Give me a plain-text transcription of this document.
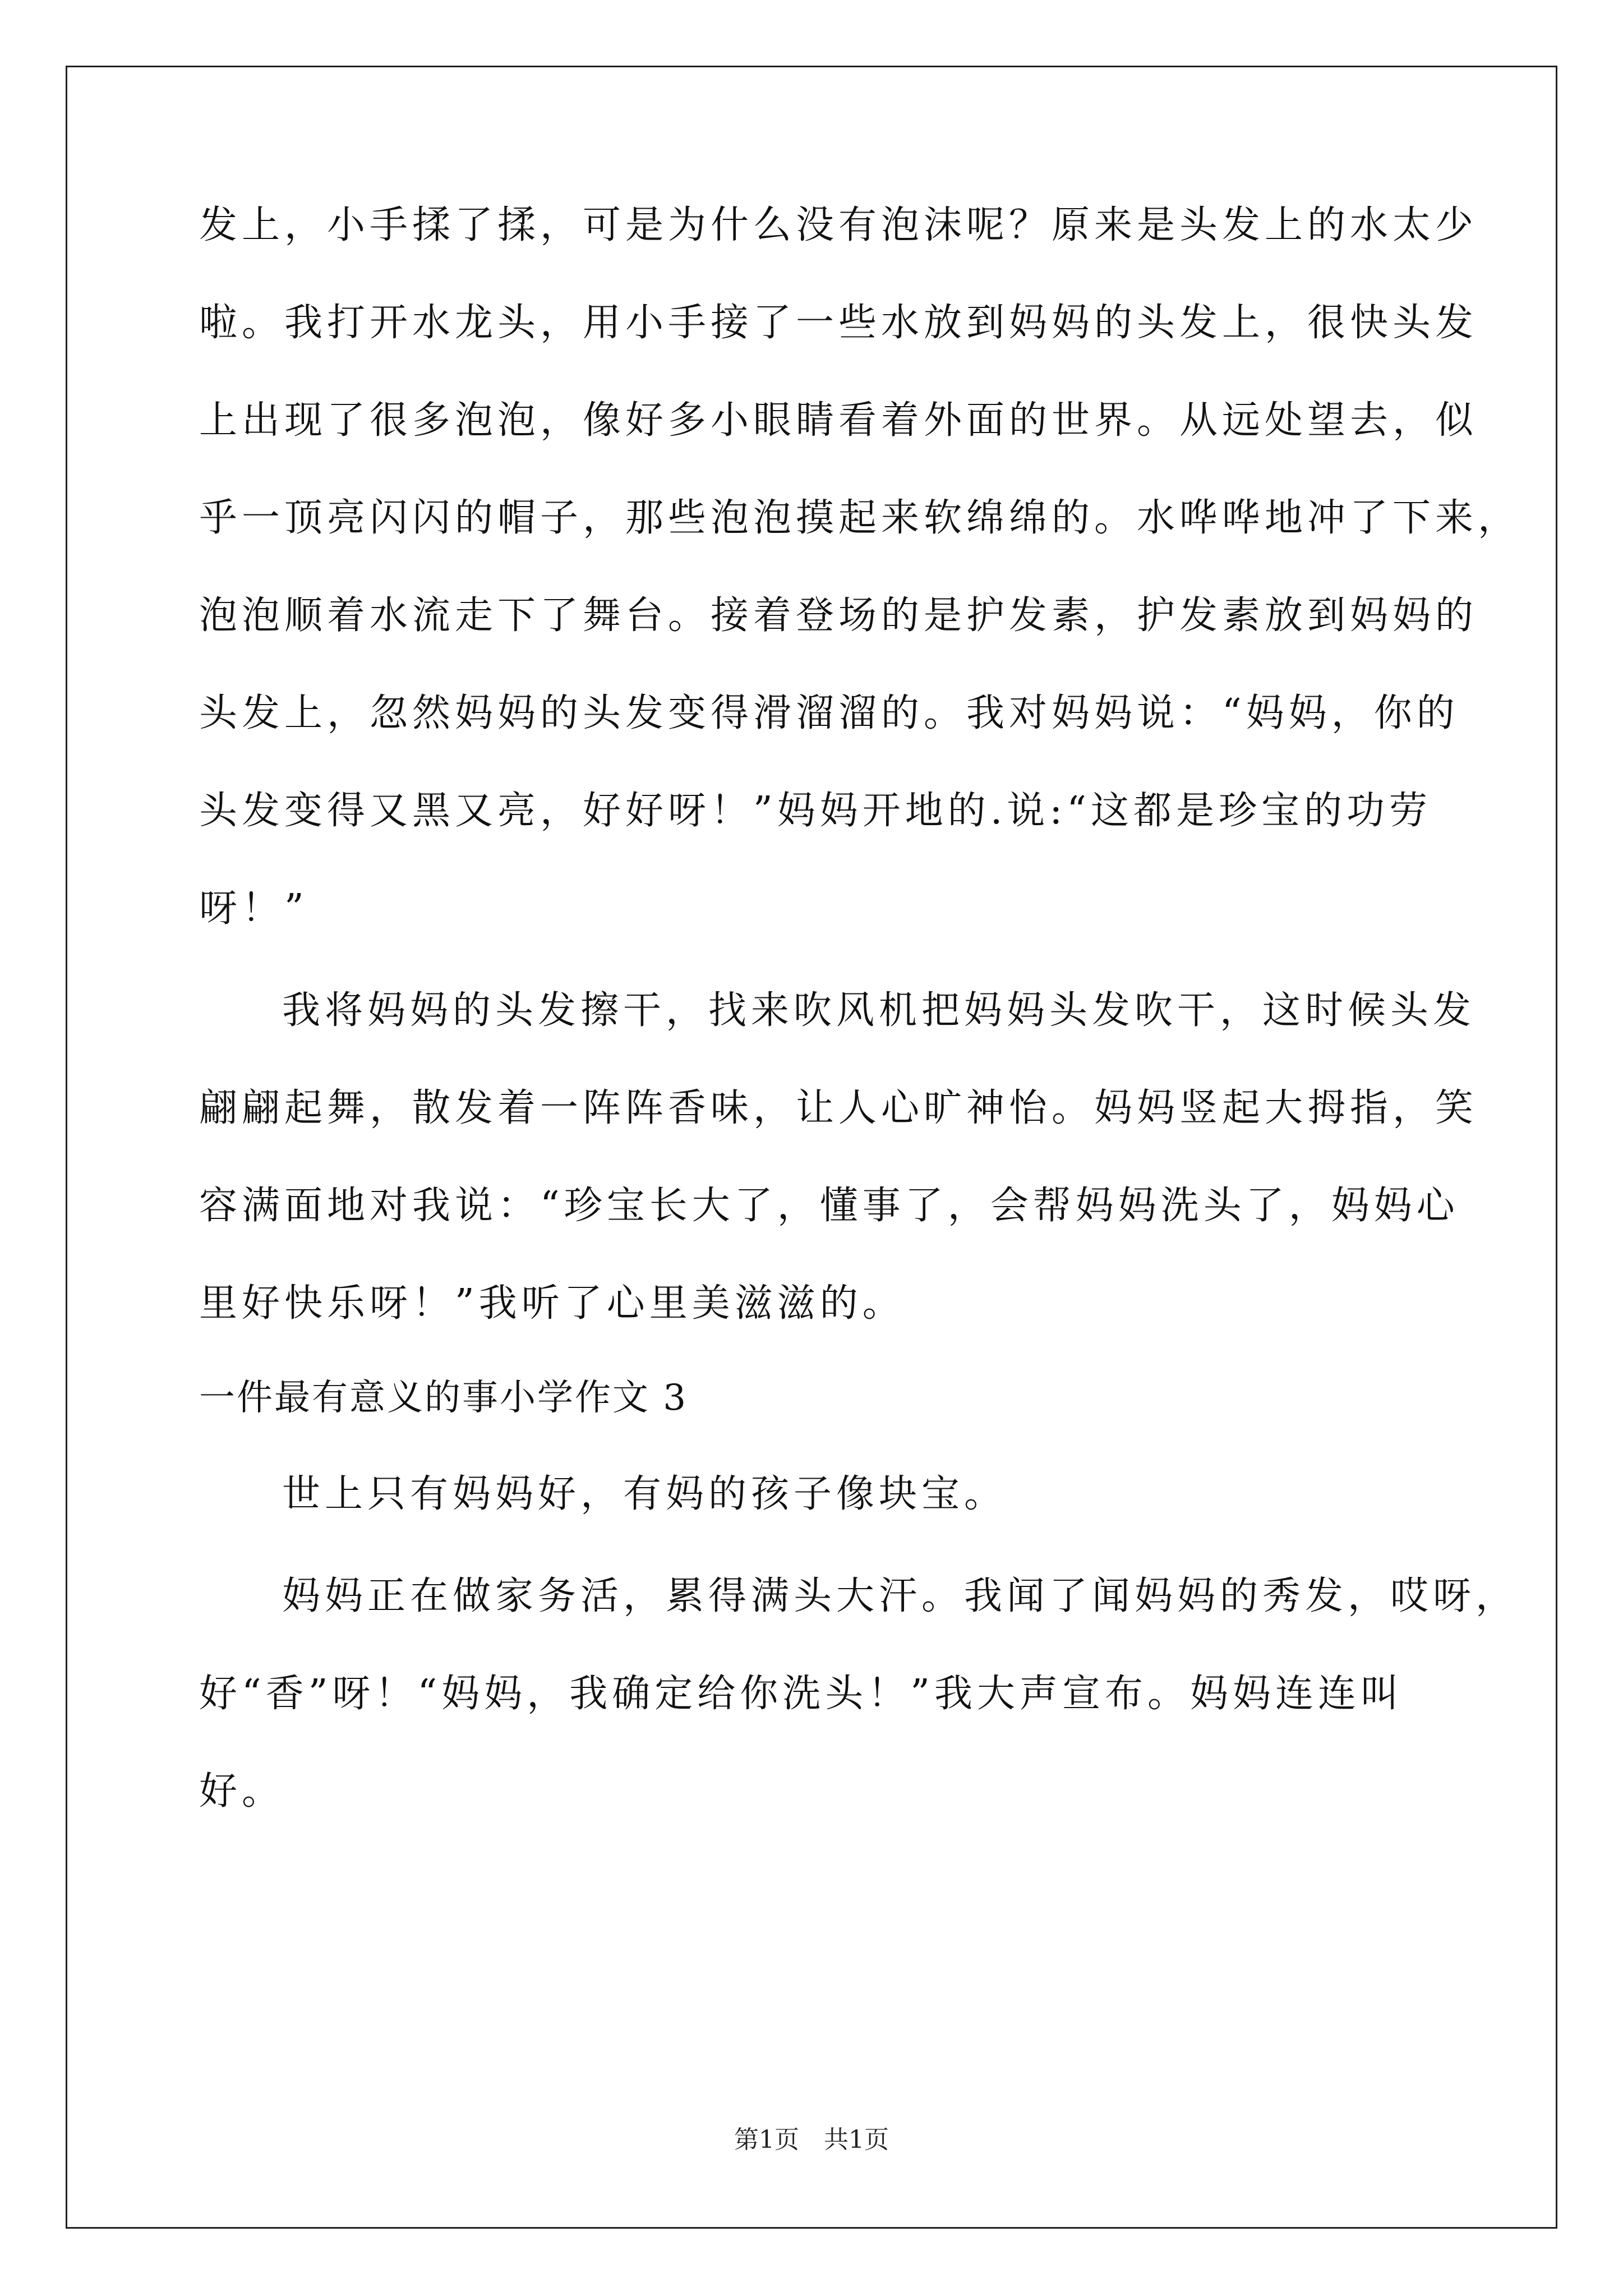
发上，小手揉了揉，可是为什么没有泡沫呢？原来是头发上的水太少
啦。我打开水龙头，用小手接了一些水放到妈妈的头发上，很快头发
上出现了很多泡泡，像好多小眼睛看着外面的世界。从远处望去，似
乎一顶亮闪闪的帽子，那些泡泡摸起来软绵绵的。水哗哗地冲了下来，
泡泡顺着水流走下了舞台。接着登场的是护发素，护发素放到妈妈的
头发上，忽然妈妈的头发变得滑溜溜的。我对妈妈说：“妈妈，你的
头发变得又黑又亮，好好呀！”妈妈开地的.说:“这都是珍宝的功劳
呀！”
我将妈妈的头发擦干，找来吹风机把妈妈头发吹干，这时候头发
翩翩起舞，散发着一阵阵香味，让人心旷神怡。妈妈竖起大拇指，笑
容满面地对我说：“珍宝长大了，懂事了，会帮妈妈洗头了，妈妈心
里好快乐呀！”我听了心里美滋滋的。
一件最有意义的事小学作文 3
世上只有妈妈好，有妈的孩子像块宝。
妈妈正在做家务活，累得满头大汗。我闻了闻妈妈的秀发，哎呀，
好“香”呀！“妈妈，我确定给你洗头！”我大声宣布。妈妈连连叫
好。
第1页　共1页
